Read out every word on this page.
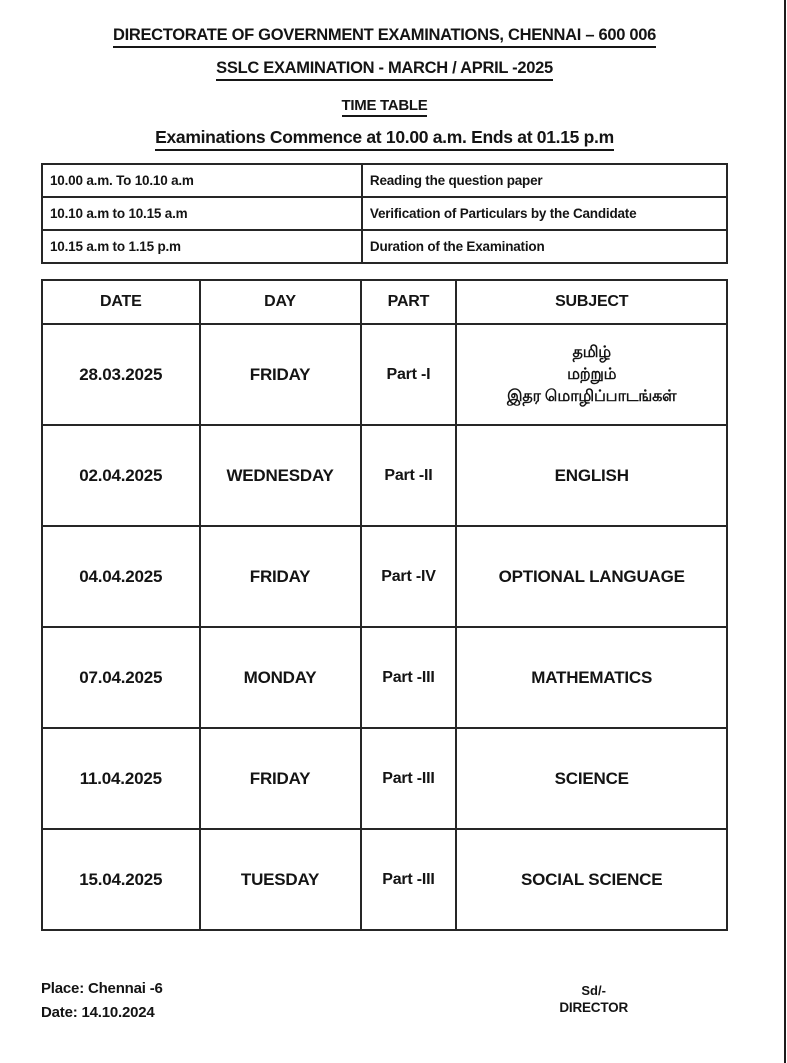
DIRECTORATE OF GOVERNMENT EXAMINATIONS, CHENNAI – 600 006
SSLC EXAMINATION - MARCH / APRIL -2025
TIME TABLE
Examinations Commence at 10.00 a.m. Ends at 01.15 p.m
10.00 a.m. To 10.10 a.m	Reading the question paper
10.10 a.m to 10.15 a.m	Verification of Particulars by the Candidate
10.15 a.m to 1.15 p.m	Duration of the Examination
DATE	DAY	PART	SUBJECT
28.03.2025	FRIDAY	Part -I	தமிழ்
மற்றும்
இதர மொழிப்பாடங்கள்

02.04.2025	WEDNESDAY	Part -II	ENGLISH
04.04.2025	FRIDAY	Part -IV	OPTIONAL LANGUAGE
07.04.2025	MONDAY	Part -III	MATHEMATICS
11.04.2025	FRIDAY	Part -III	SCIENCE
15.04.2025	TUESDAY	Part -III	SOCIAL SCIENCE
Place: Chennai -6
Date: 14.10.2024
Sd/-
DIRECTOR
